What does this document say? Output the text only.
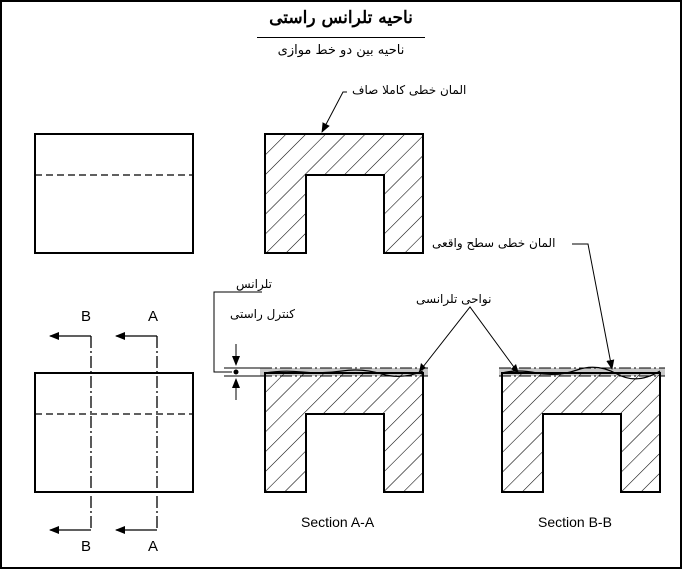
ناحیه تلرانس راستی
ناحیه بین دو خط موازی
المان خطی کاملا صاف
المان خطی سطح واقعی
نواحی تلرانسی
تلرانس
کنترل راستی
B	A
B	A
Section A-A	Section B-B
